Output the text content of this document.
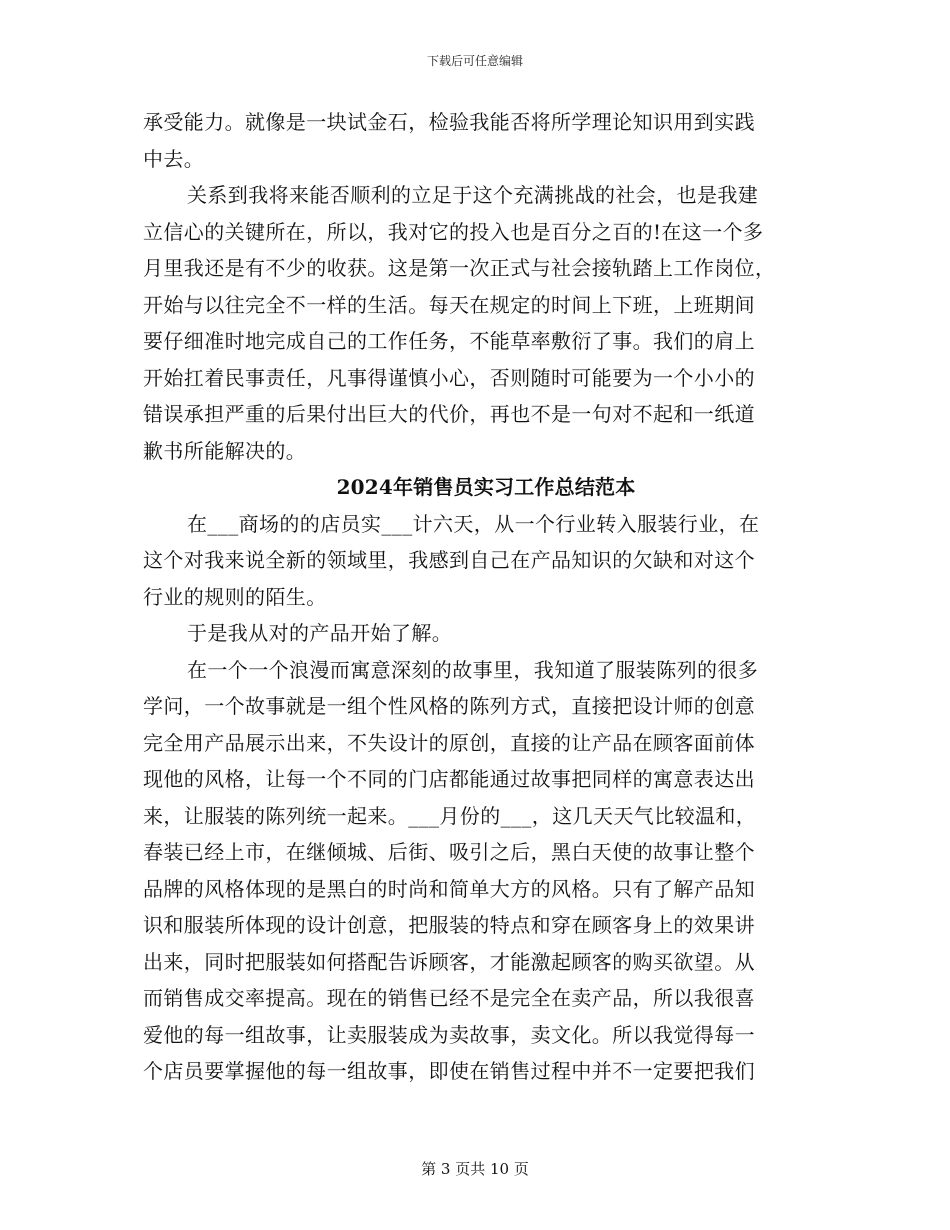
下载后可任意编辑
承受能力。就像是一块试金石，检验我能否将所学理论知识用到实践
中去。
关系到我将来能否顺利的立足于这个充满挑战的社会，也是我建
立信心的关键所在，所以，我对它的投入也是百分之百的!在这一个多
月里我还是有不少的收获。这是第一次正式与社会接轨踏上工作岗位，
开始与以往完全不一样的生活。每天在规定的时间上下班，上班期间
要仔细准时地完成自己的工作任务，不能草率敷衍了事。我们的肩上
开始扛着民事责任，凡事得谨慎小心，否则随时可能要为一个小小的
错误承担严重的后果付出巨大的代价，再也不是一句对不起和一纸道
歉书所能解决的。
2024年销售员实习工作总结范本
在___商场的的店员实___计六天，从一个行业转入服装行业，在
这个对我来说全新的领域里，我感到自己在产品知识的欠缺和对这个
行业的规则的陌生。
于是我从对的产品开始了解。
在一个一个浪漫而寓意深刻的故事里，我知道了服装陈列的很多
学问，一个故事就是一组个性风格的陈列方式，直接把设计师的创意
完全用产品展示出来，不失设计的原创，直接的让产品在顾客面前体
现他的风格，让每一个不同的门店都能通过故事把同样的寓意表达出
来，让服装的陈列统一起来。___月份的___，这几天天气比较温和，
春装已经上市，在继倾城、后街、吸引之后，黑白天使的故事让整个
品牌的风格体现的是黑白的时尚和简单大方的风格。只有了解产品知
识和服装所体现的设计创意，把服装的特点和穿在顾客身上的效果讲
出来，同时把服装如何搭配告诉顾客，才能激起顾客的购买欲望。从
而销售成交率提高。现在的销售已经不是完全在卖产品，所以我很喜
爱他的每一组故事，让卖服装成为卖故事，卖文化。所以我觉得每一
个店员要掌握他的每一组故事，即使在销售过程中并不一定要把我们
第 3 页共 10 页
